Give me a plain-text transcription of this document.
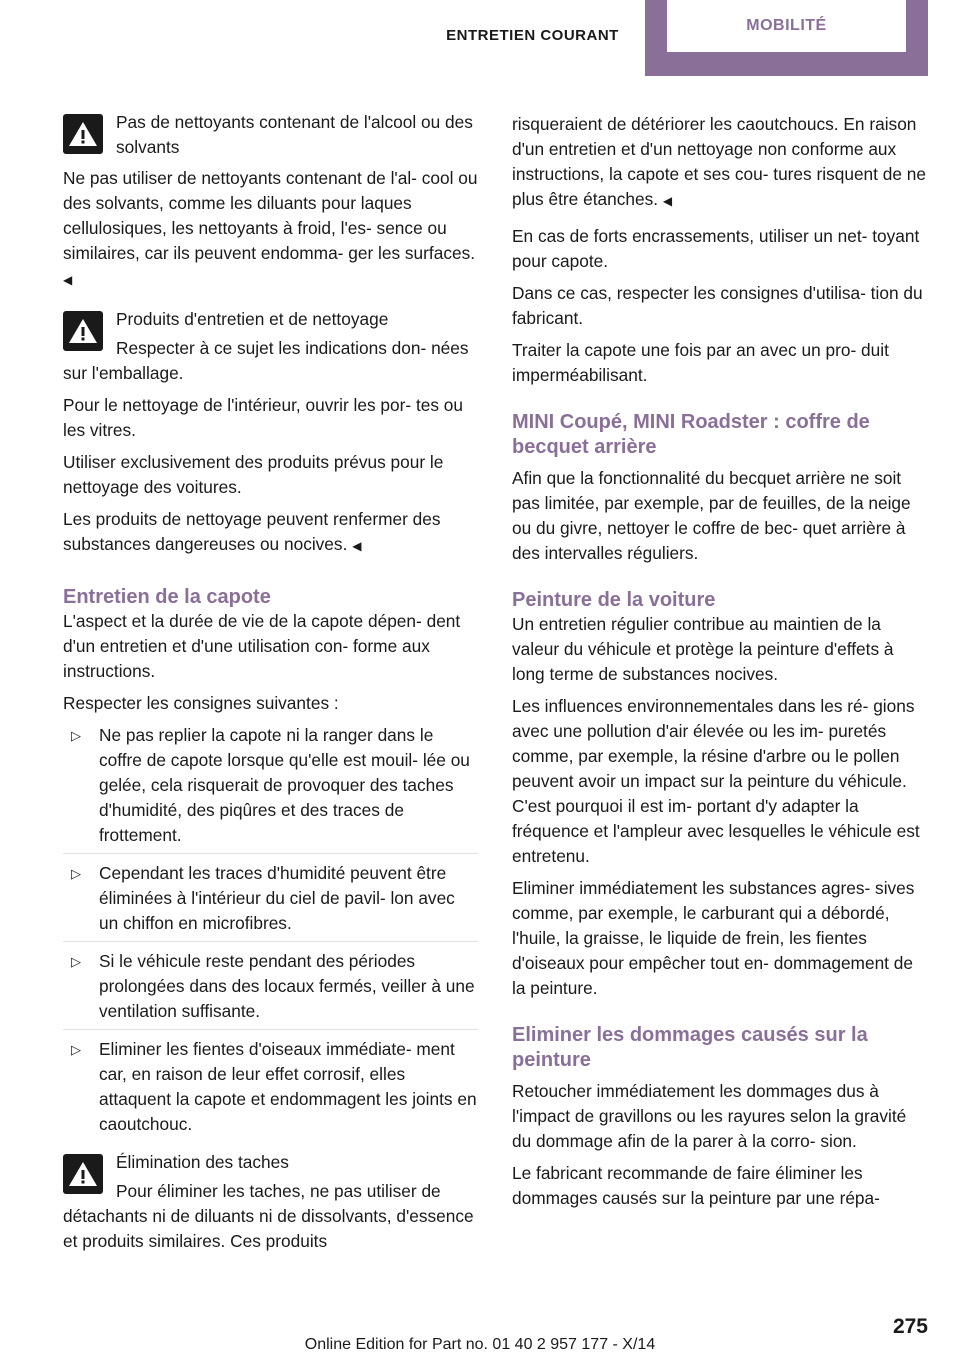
ENTRETIEN COURANT
MOBILITÉ
Pas de nettoyants contenant de l'alcool ou des solvants

Ne pas utiliser de nettoyants contenant de l'al- cool ou des solvants, comme les diluants pour laques cellulosiques, les nettoyants à froid, l'es- sence ou similaires, car ils peuvent endomma- ger les surfaces. ◀

Produits d'entretien et de nettoyage

Respecter à ce sujet les indications don- nées sur l'emballage.

Pour le nettoyage de l'intérieur, ouvrir les por- tes ou les vitres.

Utiliser exclusivement des produits prévus pour le nettoyage des voitures.

Les produits de nettoyage peuvent renfermer des substances dangereuses ou nocives. ◀

Entretien de la capote

L'aspect et la durée de vie de la capote dépen- dent d'un entretien et d'une utilisation con- forme aux instructions.

Respecter les consignes suivantes :

▷ Ne pas replier la capote ni la ranger dans le coffre de capote lorsque qu'elle est mouil- lée ou gelée, cela risquerait de provoquer des taches d'humidité, des piqûres et des traces de frottement.
▷ Cependant les traces d'humidité peuvent être éliminées à l'intérieur du ciel de pavil- lon avec un chiffon en microfibres.
▷ Si le véhicule reste pendant des périodes prolongées dans des locaux fermés, veiller à une ventilation suffisante.
▷ Eliminer les fientes d'oiseaux immédiate- ment car, en raison de leur effet corrosif, elles attaquent la capote et endommagent les joints en caoutchouc.
Élimination des taches

Pour éliminer les taches, ne pas utiliser de détachants ni de diluants ni de dissolvants, d'essence et produits similaires. Ces produits

risqueraient de détériorer les caoutchoucs. En raison d'un entretien et d'un nettoyage non conforme aux instructions, la capote et ses cou- tures risquent de ne plus être étanches. ◀

En cas de forts encrassements, utiliser un net- toyant pour capote.

Dans ce cas, respecter les consignes d'utilisa- tion du fabricant.

Traiter la capote une fois par an avec un pro- duit imperméabilisant.

MINI Coupé, MINI Roadster : coffre de becquet arrière

Afin que la fonctionnalité du becquet arrière ne soit pas limitée, par exemple, par de feuilles, de la neige ou du givre, nettoyer le coffre de bec- quet arrière à des intervalles réguliers.

Peinture de la voiture

Un entretien régulier contribue au maintien de la valeur du véhicule et protège la peinture d'effets à long terme de substances nocives.

Les influences environnementales dans les ré- gions avec une pollution d'air élevée ou les im- puretés comme, par exemple, la résine d'arbre ou le pollen peuvent avoir un impact sur la peinture du véhicule. C'est pourquoi il est im- portant d'y adapter la fréquence et l'ampleur avec lesquelles le véhicule est entretenu.

Eliminer immédiatement les substances agres- sives comme, par exemple, le carburant qui a débordé, l'huile, la graisse, le liquide de frein, les fientes d'oiseaux pour empêcher tout en- dommagement de la peinture.

Eliminer les dommages causés sur la peinture

Retoucher immédiatement les dommages dus à l'impact de gravillons ou les rayures selon la gravité du dommage afin de la parer à la corro- sion.

Le fabricant recommande de faire éliminer les dommages causés sur la peinture par une répa-

275
Online Edition for Part no. 01 40 2 957 177 - X/14
